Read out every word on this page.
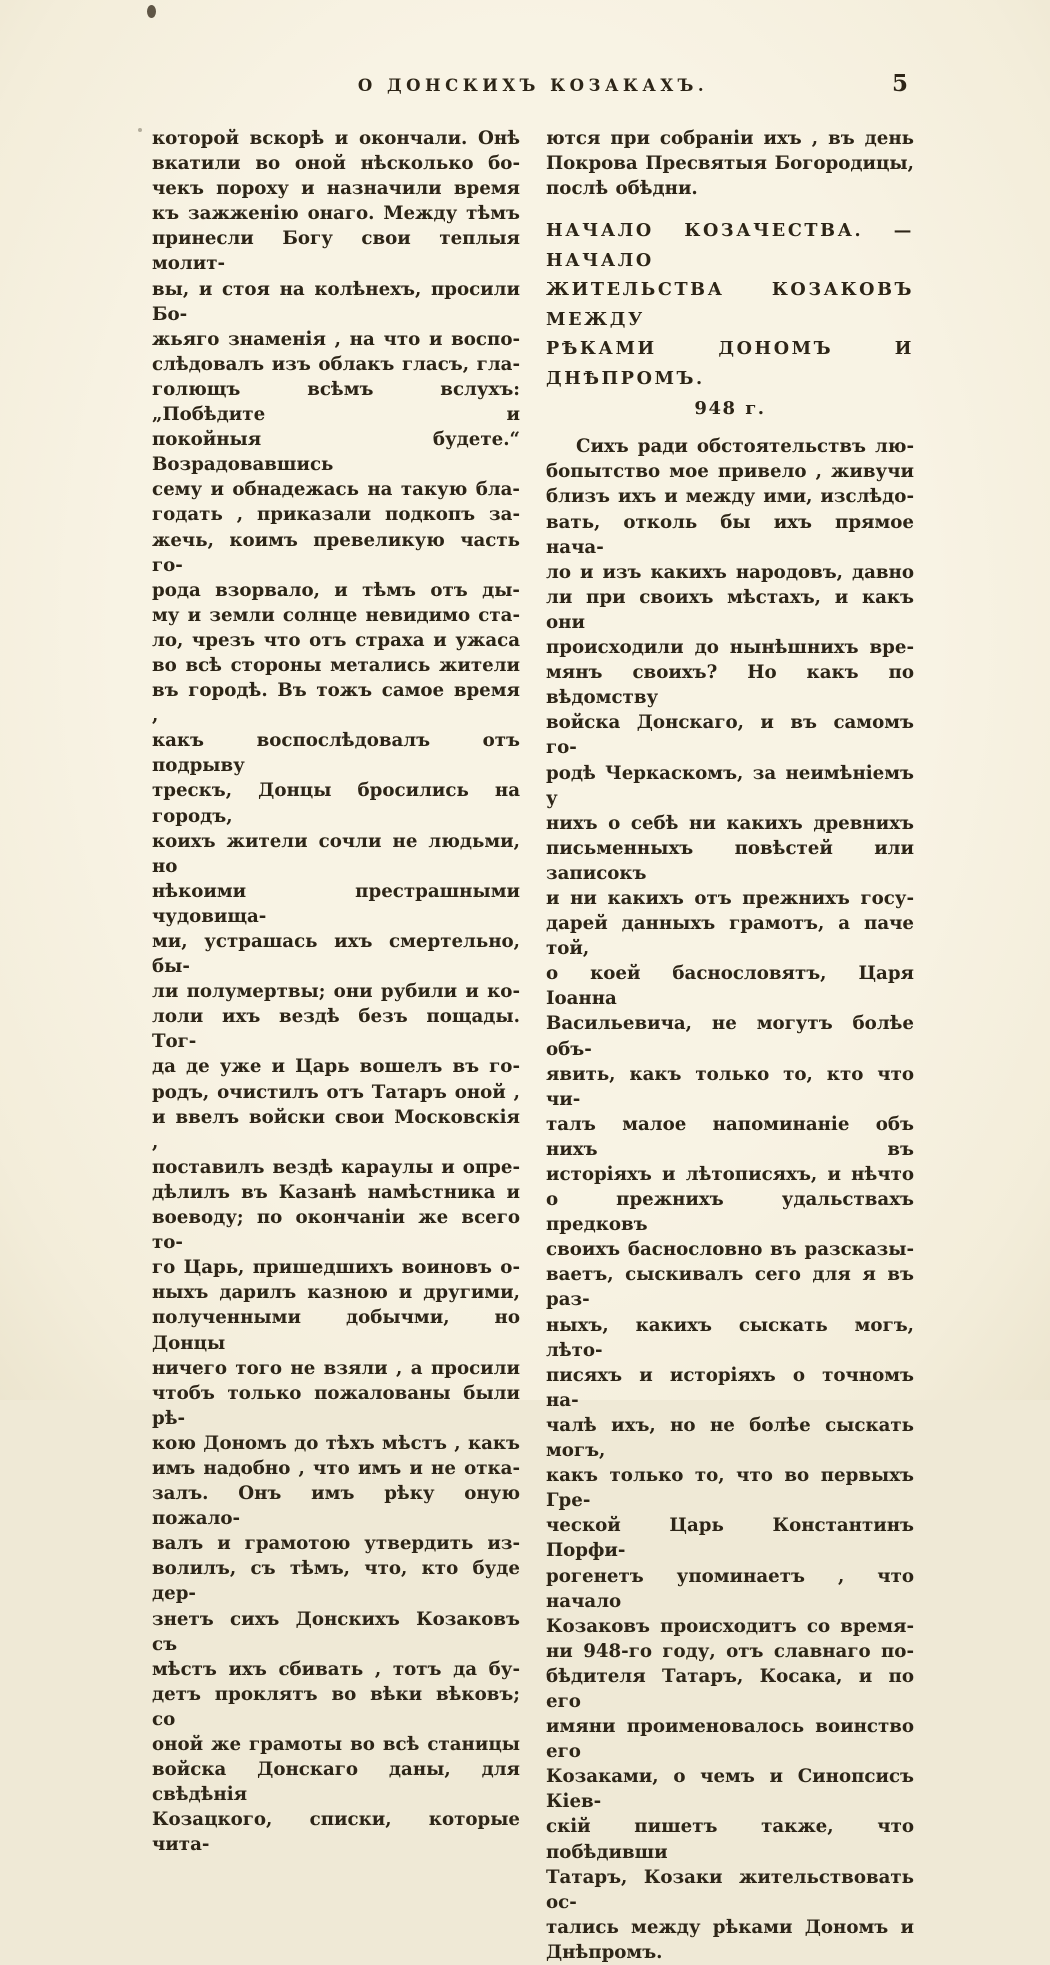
О ДОНСКИХЪ КОЗАКАХЪ.	5
которой вскорѣ и окончали. Онѣ
вкатили во оной нѣсколько бо-
чекъ пороху и назначили время
къ зажженію онаго. Между тѣмъ
принесли Богу свои теплыя молит-
вы, и стоя на колѣнехъ, просили Бо-
жьяго знаменія , на что и воспо-
слѣдовалъ изъ облакъ гласъ, гла-
голющъ всѣмъ вслухъ: „Побѣдите и
покойныя будете.“ Возрадовавшись
сему и обнадежась на такую бла-
годать , приказали подкопъ за-
жечь, коимъ превеликую часть го-
рода взорвало, и тѣмъ отъ ды-
му и земли солнце невидимо ста-
ло, чрезъ что отъ страха и ужаса
во всѣ стороны метались жители
въ городѣ. Въ тожъ самое время ,
какъ воспослѣдовалъ отъ подрыву
трескъ, Донцы бросились на городъ,
коихъ жители сочли не людьми, но
нѣкоими престрашными чудовища-
ми, устрашась ихъ смертельно, бы-
ли полумертвы; они рубили и ко-
лоли ихъ вездѣ безъ пощады. Тог-
да де уже и Царь вошелъ въ го-
родъ, очистилъ отъ Татаръ оной ,
и ввелъ войски свои Московскія ,
поставилъ вездѣ караулы и опре-
дѣлилъ въ Казанѣ намѣстника и
воеводу; по окончаніи же всего то-
го Царь, пришедшихъ воиновъ о-
ныхъ дарилъ казною и другими,
полученными добычми, но Донцы
ничего того не взяли , а просили
чтобъ только пожалованы были рѣ-
кою Дономъ до тѣхъ мѣстъ , какъ
имъ надобно , что имъ и не отка-
залъ. Онъ имъ рѣку оную пожало-
валъ и грамотою утвердить из-
волилъ, съ тѣмъ, что, кто буде дер-
знетъ сихъ Донскихъ Козаковъ съ
мѣстъ ихъ сбивать , тотъ да бу-
детъ проклятъ во вѣки вѣковъ; со
оной же грамоты во всѣ станицы
войска Донскаго даны, для свѣдѣнія
Козацкого, списки, которые чита-
ются при собраніи ихъ , въ день
Покрова Пресвятыя Богородицы,
послѣ обѣдни.
НАЧАЛО КОЗАЧЕСТВА. — НАЧАЛО
ЖИТЕЛЬСТВА КОЗАКОВЪ МЕЖДУ
РѢКАМИ ДОНОМЪ И ДНѢПРОМЪ.
948 г.
Сихъ ради обстоятельствъ лю-
бопытство мое привело , живучи
близъ ихъ и между ими, изслѣдо-
вать, отколь бы ихъ прямое нача-
ло и изъ какихъ народовъ, давно
ли при своихъ мѣстахъ, и какъ они
происходили до нынѣшнихъ вре-
мянъ своихъ? Но какъ по вѣдомству
войска Донскаго, и въ самомъ го-
родѣ Черкаскомъ, за неимѣніемъ у
нихъ о себѣ ни какихъ древнихъ
письменныхъ повѣстей или записокъ
и ни какихъ отъ прежнихъ госу-
дарей данныхъ грамотъ, а паче той,
о коей баснословятъ, Царя Іоанна
Васильевича, не могутъ болѣе объ-
явить, какъ только то, кто что чи-
талъ малое напоминаніе объ нихъ въ
исторіяхъ и лѣтописяхъ, и нѣчто
о прежнихъ удальствахъ предковъ
своихъ баснословно въ разсказы-
ваетъ, сыскивалъ сего для я въ раз-
ныхъ, какихъ сыскать могъ, лѣто-
писяхъ и исторіяхъ о точномъ на-
чалѣ ихъ, но не болѣе сыскать могъ,
какъ только то, что во первыхъ Гре-
ческой Царь Константинъ Порфи-
рогенетъ упоминаетъ , что начало
Козаковъ происходитъ со время-
ни 948-го году, отъ славнаго по-
бѣдителя Татаръ, Косака, и по его
имяни проименовалось воинство его
Козаками, о чемъ и Синопсисъ Кіев-
скій пишетъ также, что побѣдивши
Татаръ, Козаки жительствовать ос-
тались между рѣками Дономъ и
Днѣпромъ.
